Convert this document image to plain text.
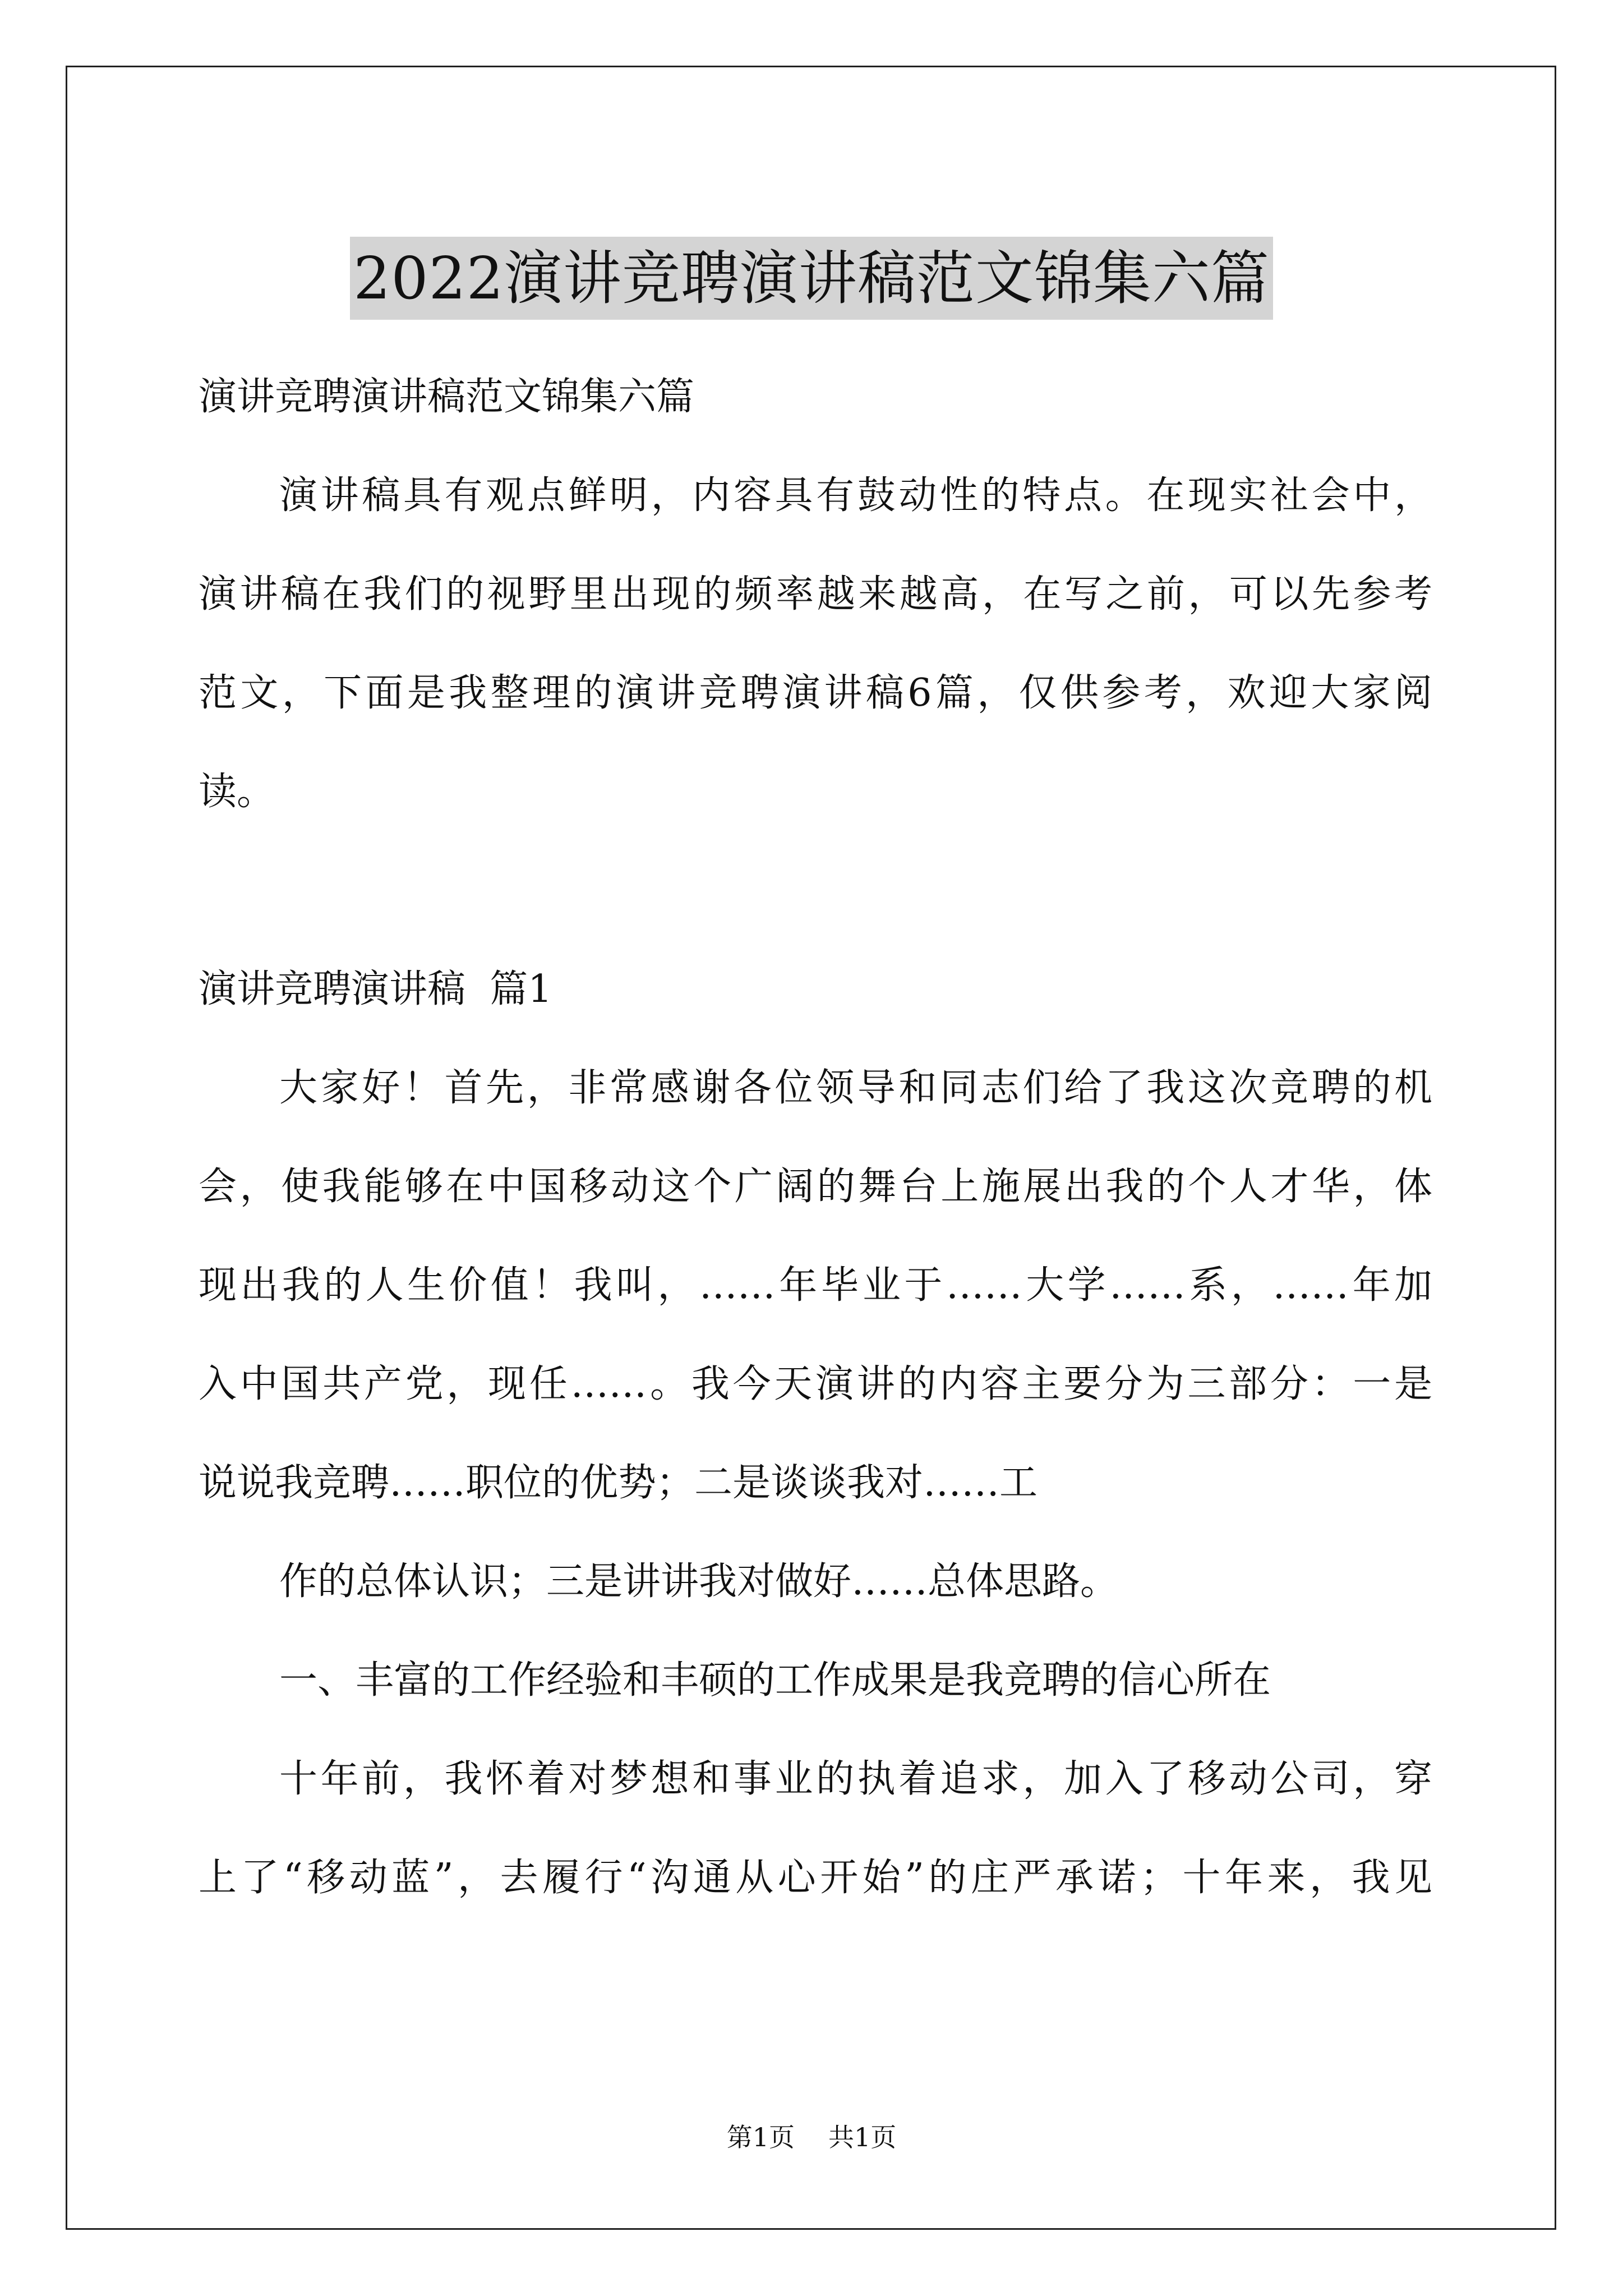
2022演讲竞聘演讲稿范文锦集六篇
演讲竞聘演讲稿范文锦集六篇
演讲稿具有观点鲜明，内容具有鼓动性的特点。在现实社会中，
演讲稿在我们的视野里出现的频率越来越高，在写之前，可以先参考
范文，下面是我整理的演讲竞聘演讲稿6篇，仅供参考，欢迎大家阅
读。
演讲竞聘演讲稿  篇1
大家好！首先，非常感谢各位领导和同志们给了我这次竞聘的机
会，使我能够在中国移动这个广阔的舞台上施展出我的个人才华，体
现出我的人生价值！我叫，……年毕业于……大学……系，……年加
入中国共产党，现任……。我今天演讲的内容主要分为三部分：一是
说说我竞聘……职位的优势；二是谈谈我对……工
作的总体认识；三是讲讲我对做好……总体思路。
一、丰富的工作经验和丰硕的工作成果是我竞聘的信心所在
十年前，我怀着对梦想和事业的执着追求，加入了移动公司，穿
上了“移动蓝”，去履行“沟通从心开始”的庄严承诺；十年来，我见
第1页 共1页
